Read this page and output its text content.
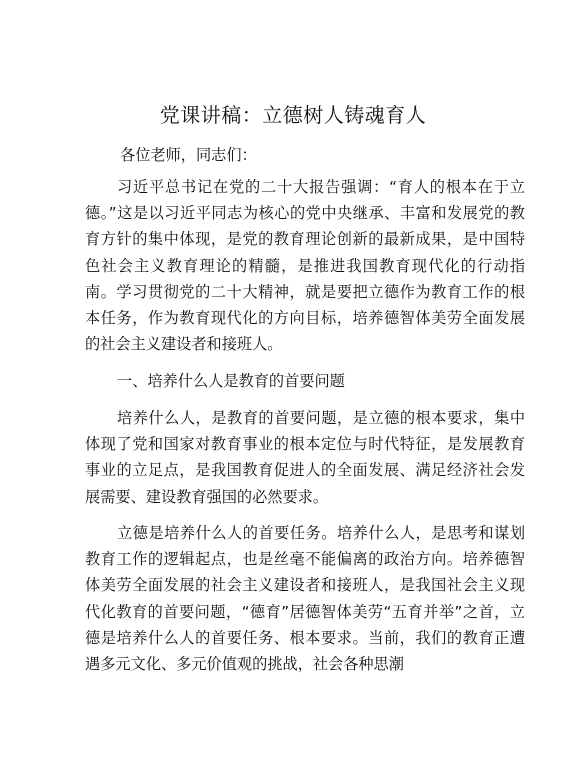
党课讲稿：立德树人铸魂育人
各位老师，同志们：

习近平总书记在党的二十大报告强调：“育人的根本在于立德。”这是以习近平同志为核心的党中央继承、丰富和发展党的教育方针的集中体现，是党的教育理论创新的最新成果，是中国特色社会主义教育理论的精髓，是推进我国教育现代化的行动指南。学习贯彻党的二十大精神，就是要把立德作为教育工作的根本任务，作为教育现代化的方向目标，培养德智体美劳全面发展的社会主义建设者和接班人。

一、培养什么人是教育的首要问题

培养什么人，是教育的首要问题，是立德的根本要求，集中体现了党和国家对教育事业的根本定位与时代特征，是发展教育事业的立足点，是我国教育促进人的全面发展、满足经济社会发展需要、建设教育强国的必然要求。

立德是培养什么人的首要任务。培养什么人，是思考和谋划教育工作的逻辑起点，也是丝毫不能偏离的政治方向。培养德智体美劳全面发展的社会主义建设者和接班人，是我国社会主义现代化教育的首要问题，“德育”居德智体美劳“五育并举”之首，立德是培养什么人的首要任务、根本要求。当前，我们的教育正遭遇多元文化、多元价值观的挑战，社会各种思潮
